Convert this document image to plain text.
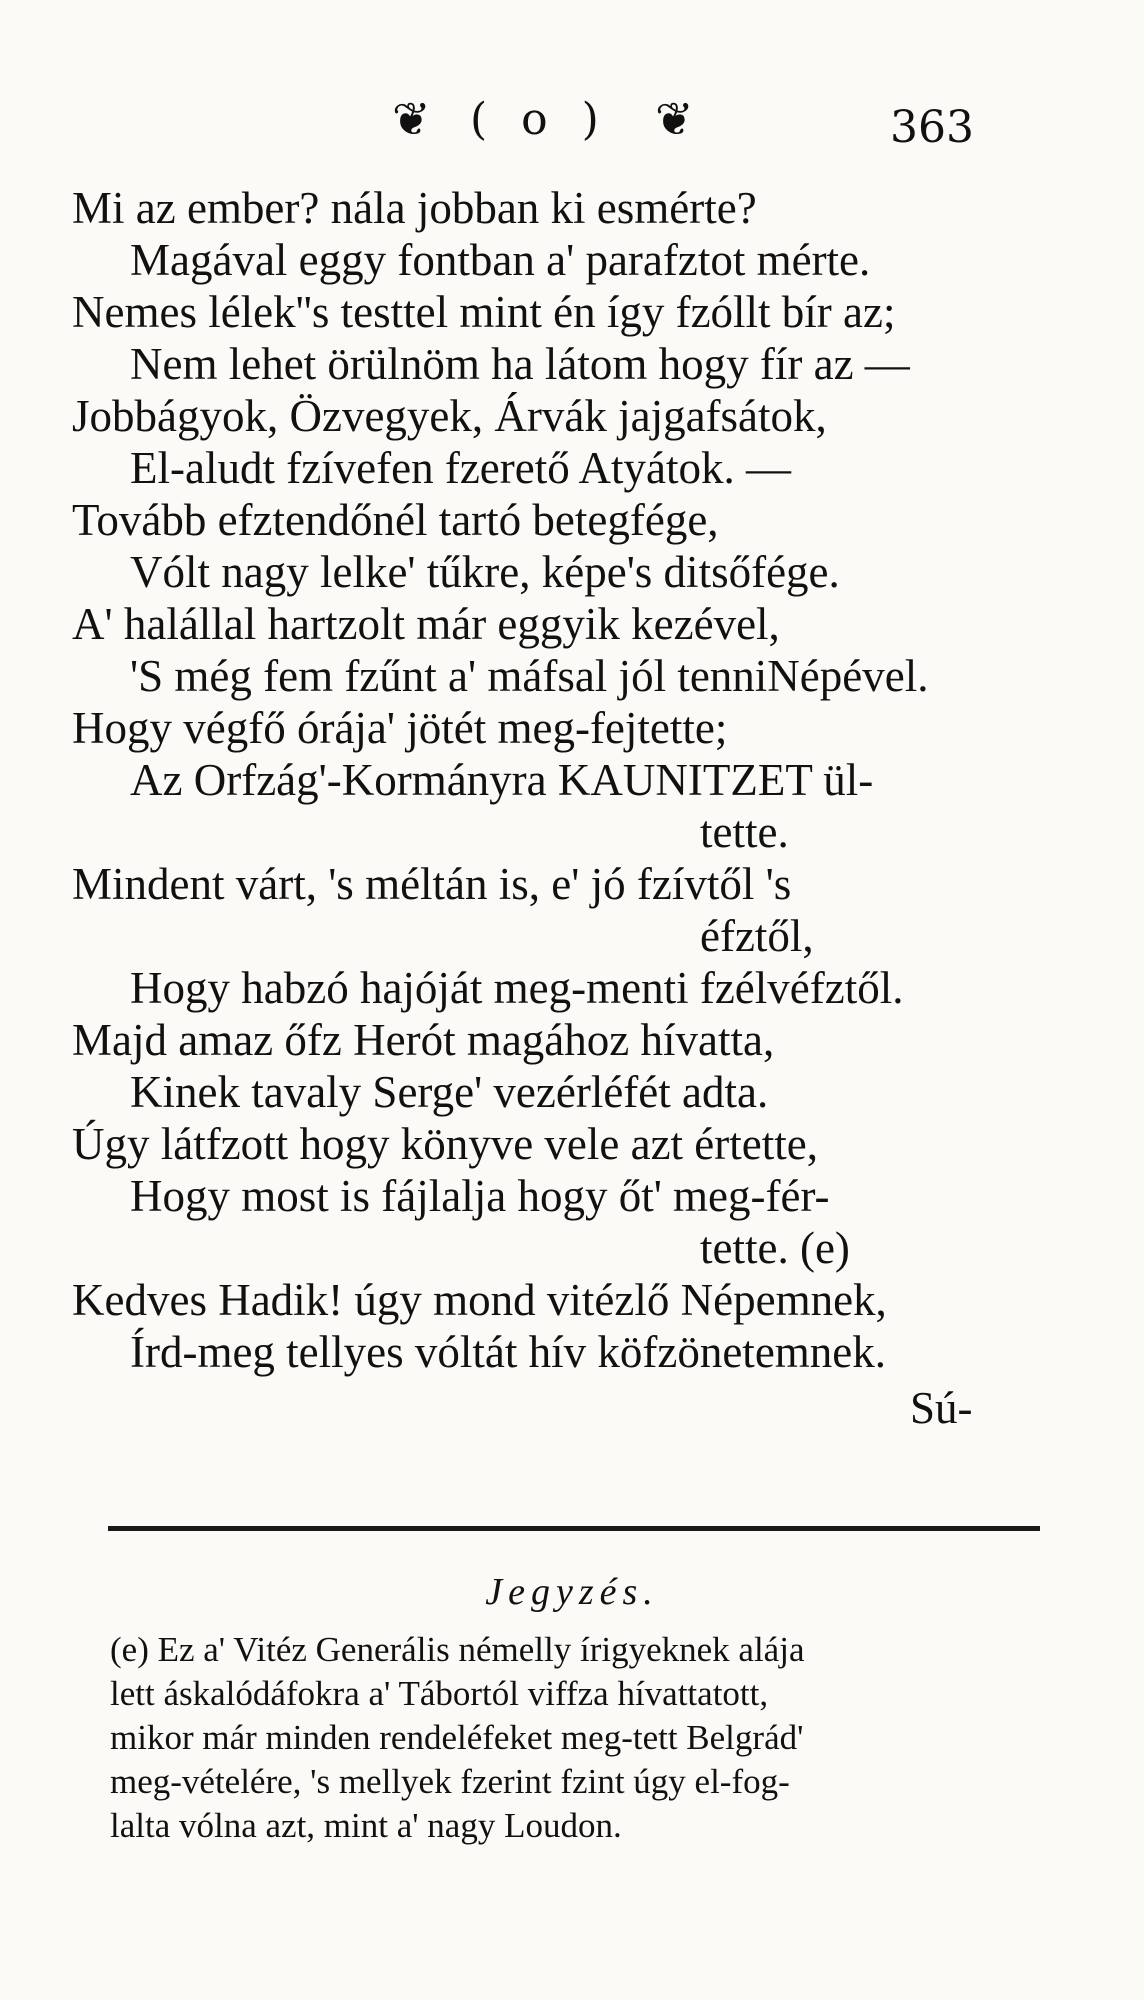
❦ ( o ) ❦	363
Mi az ember? nála jobban ki esmérte?
Magával eggy fontban a' parafztot mérte.
Nemes lélek''s testtel mint én így fzóllt bír az;
Nem lehet örülnöm ha látom hogy fír az —
Jobbágyok, Özvegyek, Árvák jajgafsátok,
El-aludt fzívefen fzerető Atyátok. —
Tovább efztendőnél tartó betegfége,
Vólt nagy lelke' tűkre, képe's ditsőfége.
A' halállal hartzolt már eggyik kezével,
'S még fem fzűnt a' máfsal jól tenniNépével.
Hogy végfő órája' jötét meg-fejtette;
Az Orfzág'-Kormányra KAUNITZET ül-
tette.
Mindent várt, 's méltán is, e' jó fzívtől 's
éfztől,
Hogy habzó hajóját meg-menti fzélvéfztől.
Majd amaz őfz Herót magához hívatta,
Kinek tavaly Serge' vezérléfét adta.
Úgy látfzott hogy könyve vele azt értette,
Hogy most is fájlalja hogy őt' meg-fér-
tette. (e)
Kedves Hadik! úgy mond vitézlő Népemnek,
Írd-meg tellyes vóltát hív köfzönetemnek.
Sú-
Jegyzés.
(e) Ez a' Vitéz Generális némelly írigyeknek alája
lett áskalódáfokra a' Tábortól viffza hívattatott,
mikor már minden rendeléfeket meg-tett Belgrád'
meg-vételére, 's mellyek fzerint fzint úgy el-fog-
lalta vólna azt, mint a' nagy Loudon.
